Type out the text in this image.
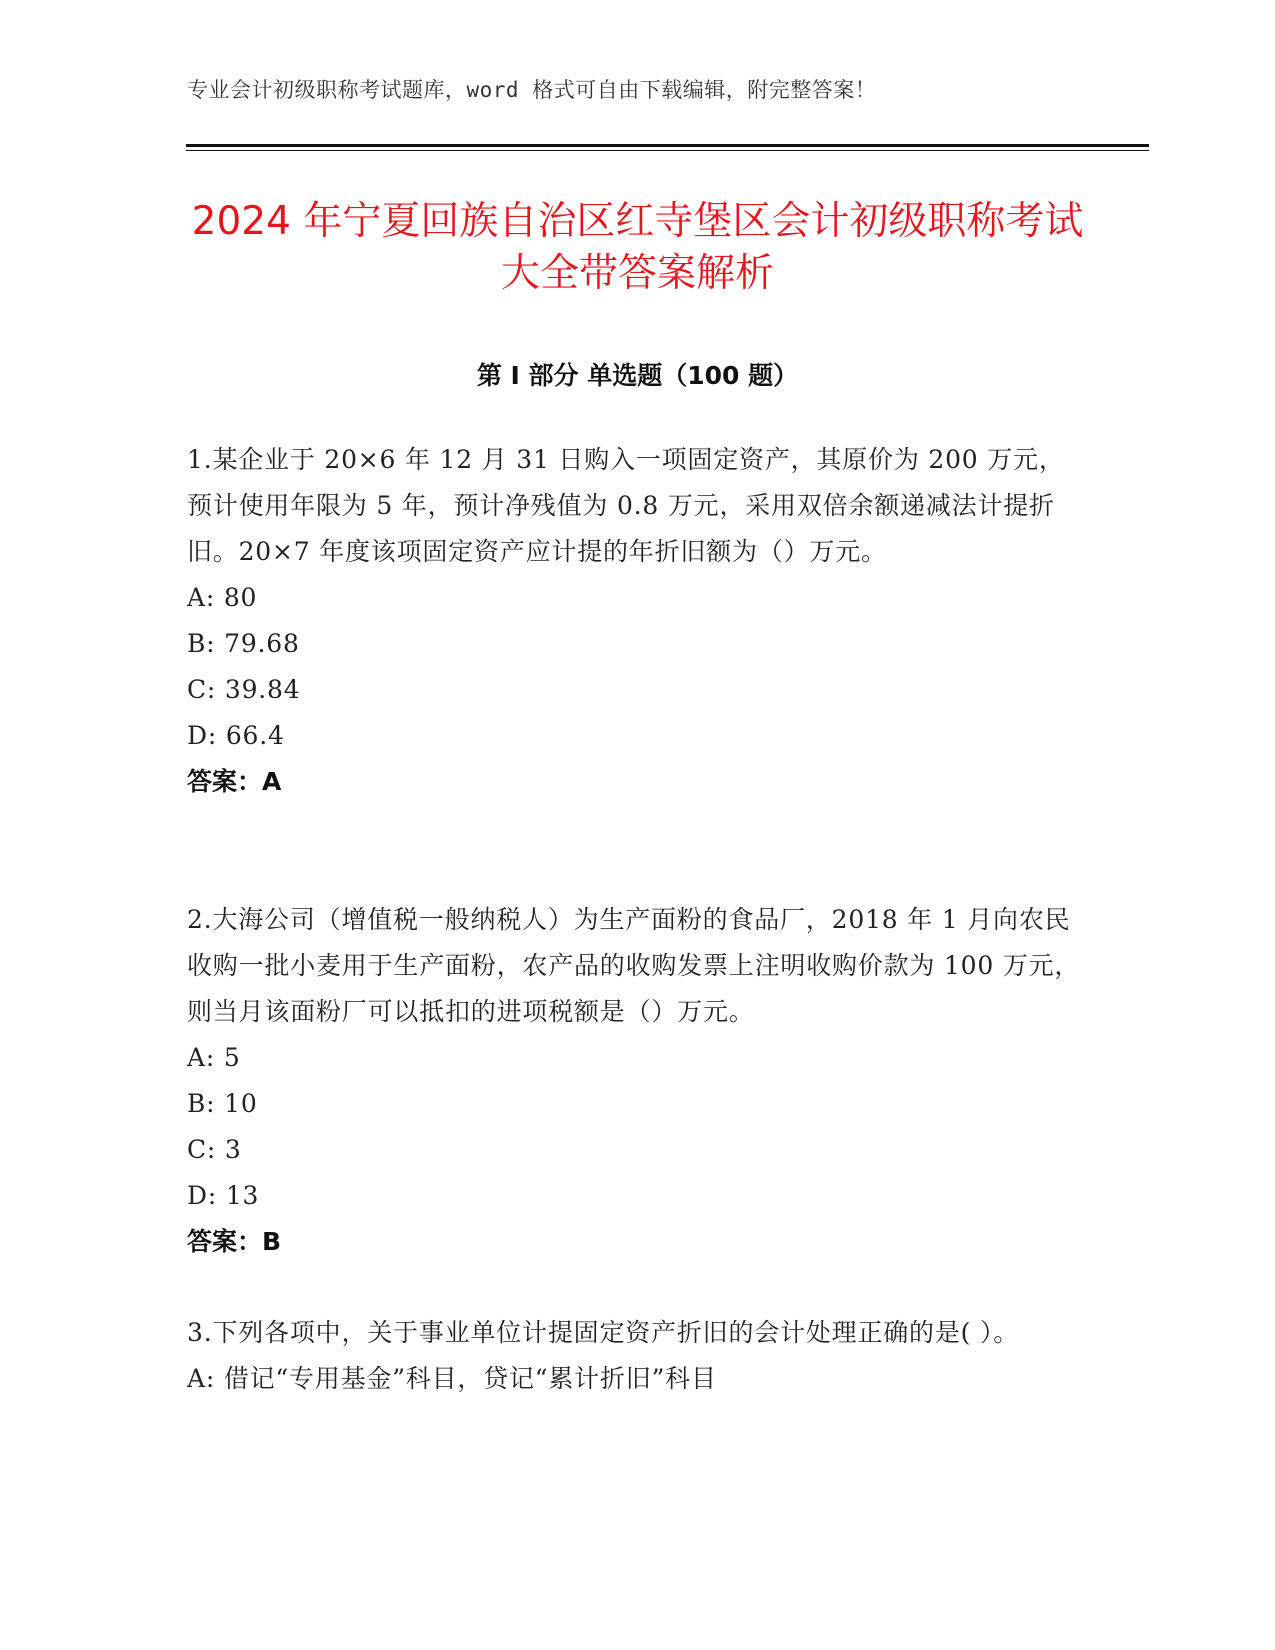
专业会计初级职称考试题库，word 格式可自由下载编辑，附完整答案！
2024 年宁夏回族自治区红寺堡区会计初级职称考试大全带答案解析
第 I 部分 单选题（100 题）
1.某企业于 20×6 年 12 月 31 日购入一项固定资产，其原价为 200 万元，预计使用年限为 5 年，预计净残值为 0.8 万元，采用双倍余额递减法计提折旧。20×7 年度该项固定资产应计提的年折旧额为（）万元。
A: 80
B: 79.68
C: 39.84
D: 66.4
答案：A
2.大海公司（增值税一般纳税人）为生产面粉的食品厂，2018 年 1 月向农民收购一批小麦用于生产面粉，农产品的收购发票上注明收购价款为 100 万元，则当月该面粉厂可以抵扣的进项税额是（）万元。
A: 5
B: 10
C: 3
D: 13
答案：B
3.下列各项中，关于事业单位计提固定资产折旧的会计处理正确的是( ）。
A: 借记“专用基金”科目，贷记“累计折旧”科目
